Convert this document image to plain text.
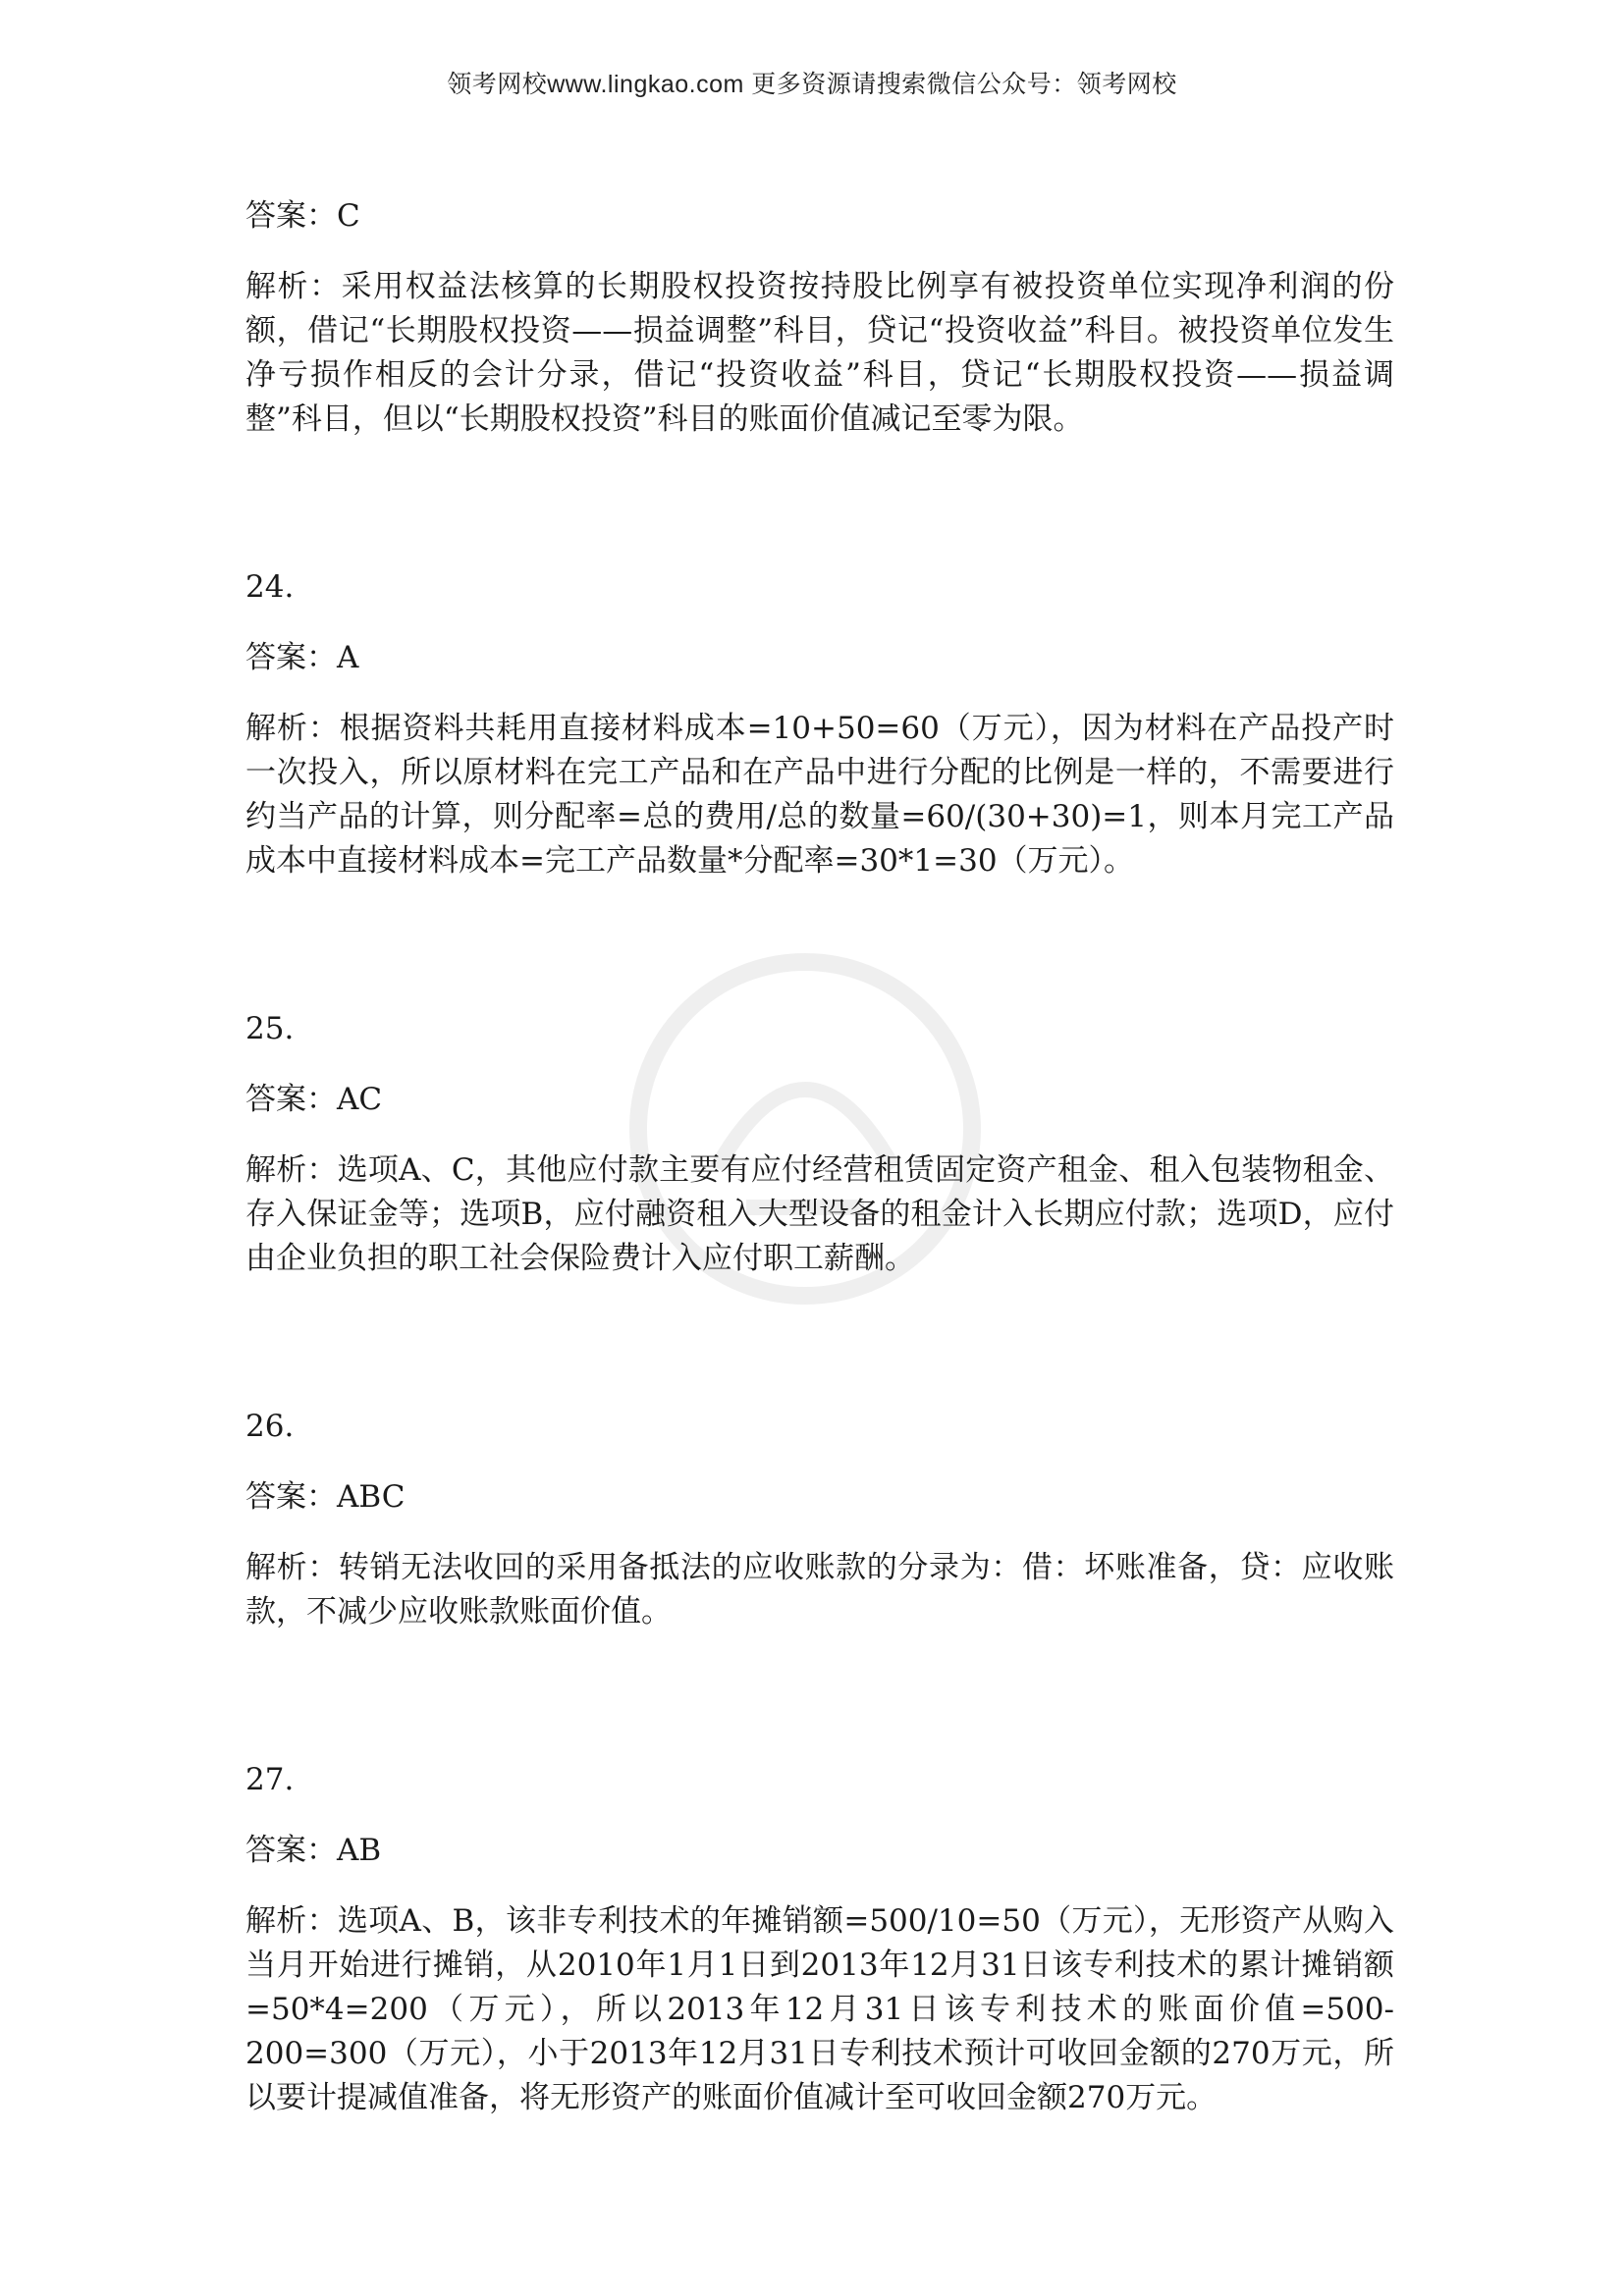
领考网校www.lingkao.com 更多资源请搜索微信公众号：领考网校

答案：C

解析：采用权益法核算的长期股权投资按持股比例享有被投资单位实现净利润的份额，借记“长期股权投资——损益调整”科目，贷记“投资收益”科目。被投资单位发生净亏损作相反的会计分录，借记“投资收益”科目，贷记“长期股权投资——损益调整”科目，但以“长期股权投资”科目的账面价值减记至零为限。

24.

答案：A

解析：根据资料共耗用直接材料成本=10+50=60（万元），因为材料在产品投产时一次投入，所以原材料在完工产品和在产品中进行分配的比例是一样的，不需要进行约当产品的计算，则分配率=总的费用/总的数量=60/(30+30)=1，则本月完工产品成本中直接材料成本=完工产品数量*分配率=30*1=30（万元）。

25.

答案：AC

解析：选项A、C，其他应付款主要有应付经营租赁固定资产租金、租入包装物租金、存入保证金等；选项B，应付融资租入大型设备的租金计入长期应付款；选项D，应付由企业负担的职工社会保险费计入应付职工薪酬。

26.

答案：ABC

解析：转销无法收回的采用备抵法的应收账款的分录为：借：坏账准备，贷：应收账款，不减少应收账款账面价值。

27.

答案：AB

解析：选项A、B，该非专利技术的年摊销额=500/10=50（万元），无形资产从购入当月开始进行摊销，从2010年1月1日到2013年12月31日该专利技术的累计摊销额=50*4=200（万元），所以2013年12月31日该专利技术的账面价值=500-200=300（万元），小于2013年12月31日专利技术预计可收回金额的270万元，所以要计提减值准备，将无形资产的账面价值减计至可收回金额270万元。
